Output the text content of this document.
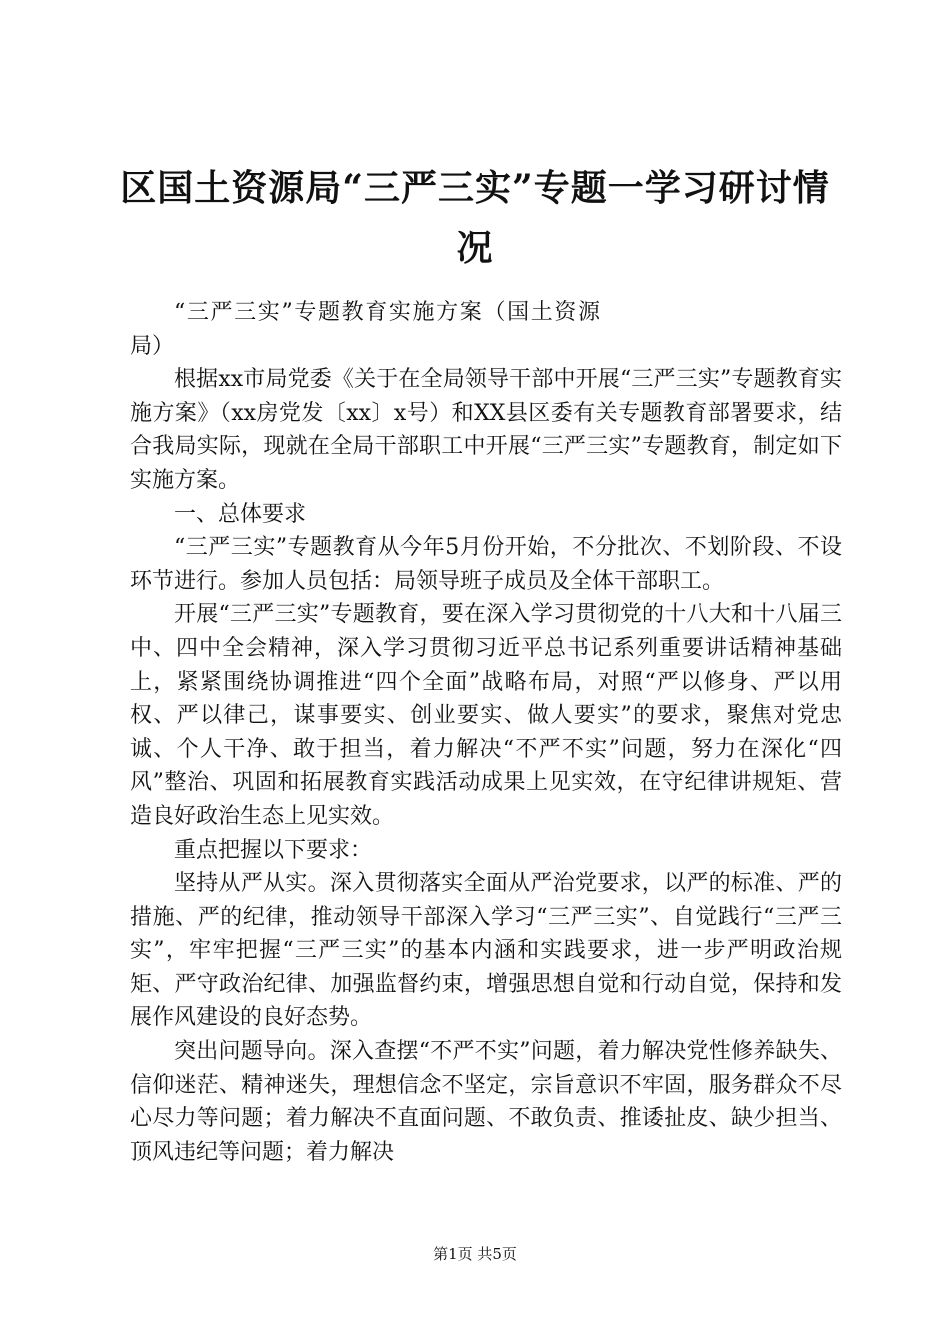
区国土资源局“三严三实”专题一学习研讨情况

“三严三实”专题教育实施方案（国土资源局）

根据xx市局党委《关于在全局领导干部中开展“三严三实”专题教育实施方案》（xx房党发〔xx〕x号）和XX县区委有关专题教育部署要求，结合我局实际，现就在全局干部职工中开展“三严三实”专题教育，制定如下实施方案。

一、总体要求

“三严三实”专题教育从今年5月份开始，不分批次、不划阶段、不设环节进行。参加人员包括：局领导班子成员及全体干部职工。

开展“三严三实”专题教育，要在深入学习贯彻党的十八大和十八届三中、四中全会精神，深入学习贯彻习近平总书记系列重要讲话精神基础上，紧紧围绕协调推进“四个全面”战略布局，对照“严以修身、严以用权、严以律己，谋事要实、创业要实、做人要实”的要求，聚焦对党忠诚、个人干净、敢于担当，着力解决“不严不实”问题，努力在深化“四风”整治、巩固和拓展教育实践活动成果上见实效，在守纪律讲规矩、营造良好政治生态上见实效。

重点把握以下要求：

坚持从严从实。深入贯彻落实全面从严治党要求，以严的标准、严的措施、严的纪律，推动领导干部深入学习“三严三实”、自觉践行“三严三实”，牢牢把握“三严三实”的基本内涵和实践要求，进一步严明政治规矩、严守政治纪律、加强监督约束，增强思想自觉和行动自觉，保持和发展作风建设的良好态势。

突出问题导向。深入查摆“不严不实”问题，着力解决党性修养缺失、信仰迷茫、精神迷失，理想信念不坚定，宗旨意识不牢固，服务群众不尽心尽力等问题；着力解决不直面问题、不敢负责、推诿扯皮、缺少担当、顶风违纪等问题；着力解决

第1页 共5页
